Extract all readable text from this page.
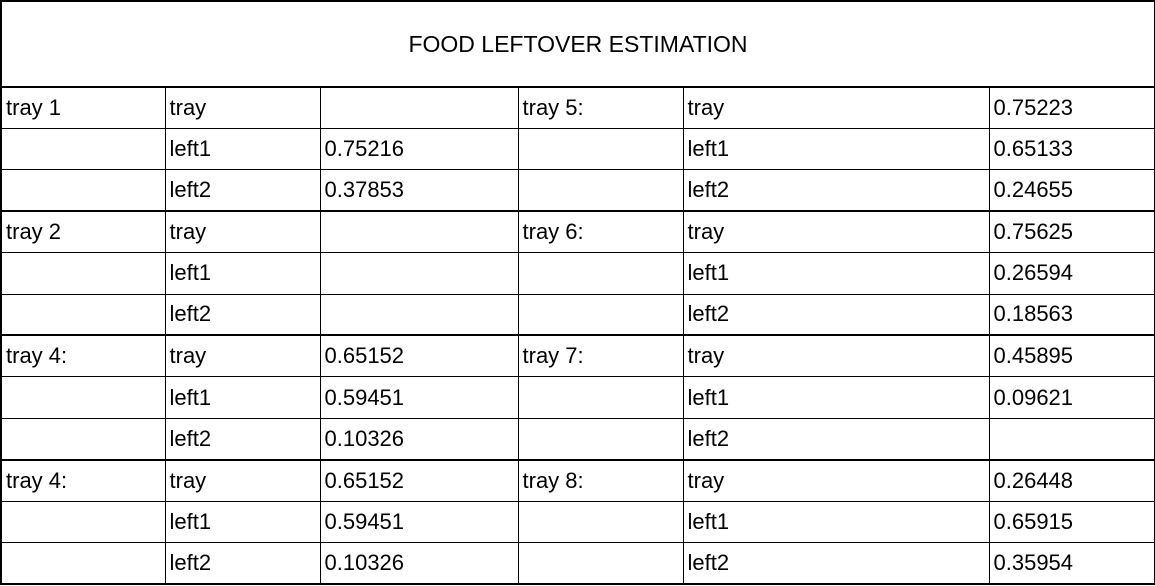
FOOD LEFTOVER ESTIMATION					
tray 1	tray		tray 5:	tray	0.75223
	left1	0.75216		left1	0.65133
	left2	0.37853		left2	0.24655
tray 2	tray		tray 6:	tray	0.75625
	left1			left1	0.26594
	left2			left2	0.18563
tray 4:	tray	0.65152	tray 7:	tray	0.45895
	left1	0.59451		left1	0.09621
	left2	0.10326		left2	
tray 4:	tray	0.65152	tray 8:	tray	0.26448
	left1	0.59451		left1	0.65915
	left2	0.10326		left2	0.35954
